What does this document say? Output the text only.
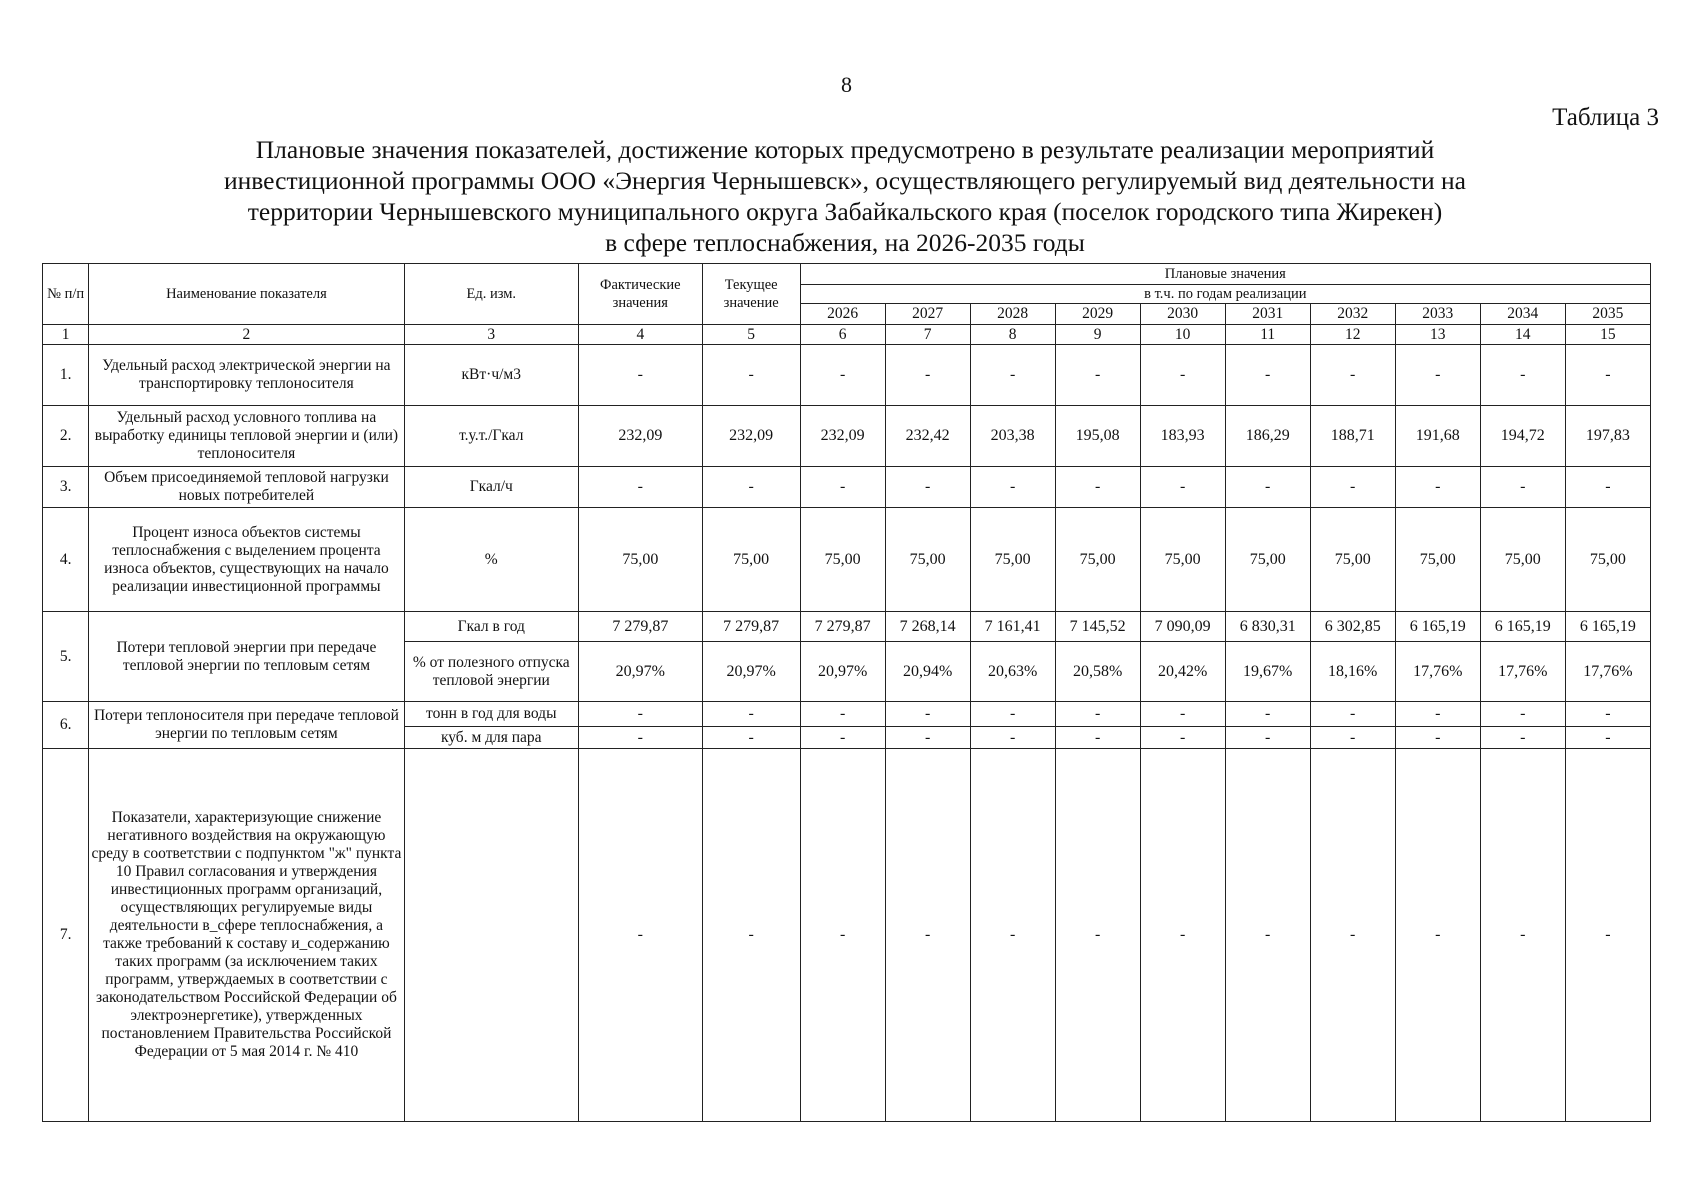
8
Таблица 3
Плановые значения показателей, достижение которых предусмотрено в результате реализации мероприятий
инвестиционной программы ООО «Энергия Чернышевск», осуществляющего регулируемый вид деятельности на
территории Чернышевского муниципального округа Забайкальского края (поселок городского типа Жирекен)
в сфере теплоснабжения, на 2026-2035 годы
№ п/п	Наименование показателя	Ед. изм.	Фактические значения	Текущее значение	Плановые значения									
					в т.ч. по годам реализации									
					2026	2027	2028	2029	2030	2031	2032	2033	2034	2035
1	2	3	4	5	6	7	8	9	10	11	12	13	14	15
1.	Удельный расход электрической энергии на транспортировку теплоносителя	кВт·ч/м3	-	-	-	-	-	-	-	-	-	-	-	-
2.	Удельный расход условного топлива на выработку единицы тепловой энергии и (или) теплоносителя	т.у.т./Гкал	232,09	232,09	232,09	232,42	203,38	195,08	183,93	186,29	188,71	191,68	194,72	197,83
3.	Объем присоединяемой тепловой нагрузки новых потребителей	Гкал/ч	-	-	-	-	-	-	-	-	-	-	-	-
4.	Процент износа объектов системы теплоснабжения с выделением процента износа объектов, существующих на начало реализации инвестиционной программы	%	75,00	75,00	75,00	75,00	75,00	75,00	75,00	75,00	75,00	75,00	75,00	75,00
5.	Потери тепловой энергии при передаче тепловой энергии по тепловым сетям	Гкал в год	7 279,87	7 279,87	7 279,87	7 268,14	7 161,41	7 145,52	7 090,09	6 830,31	6 302,85	6 165,19	6 165,19	6 165,19
		% от полезного отпуска тепловой энергии	20,97%	20,97%	20,97%	20,94%	20,63%	20,58%	20,42%	19,67%	18,16%	17,76%	17,76%	17,76%
6.	Потери теплоносителя при передаче тепловой энергии по тепловым сетям	тонн в год для воды	-	-	-	-	-	-	-	-	-	-	-	-
		куб. м для пара	-	-	-	-	-	-	-	-	-	-	-	-
7.	Показатели, характеризующие снижение негативного воздействия на окружающую среду в соответствии с подпунктом "ж" пункта 10 Правил согласования и утверждения инвестиционных программ организаций, осуществляющих регулируемые виды деятельности в_сфере теплоснабжения, а также требований к составу и_содержанию таких программ (за исключением таких программ, утверждаемых в соответствии с законодательством Российской Федерации об электроэнергетике), утвержденных постановлением Правительства Российской Федерации от 5 мая 2014 г. № 410		-	-	-	-	-	-	-	-	-	-	-	-
